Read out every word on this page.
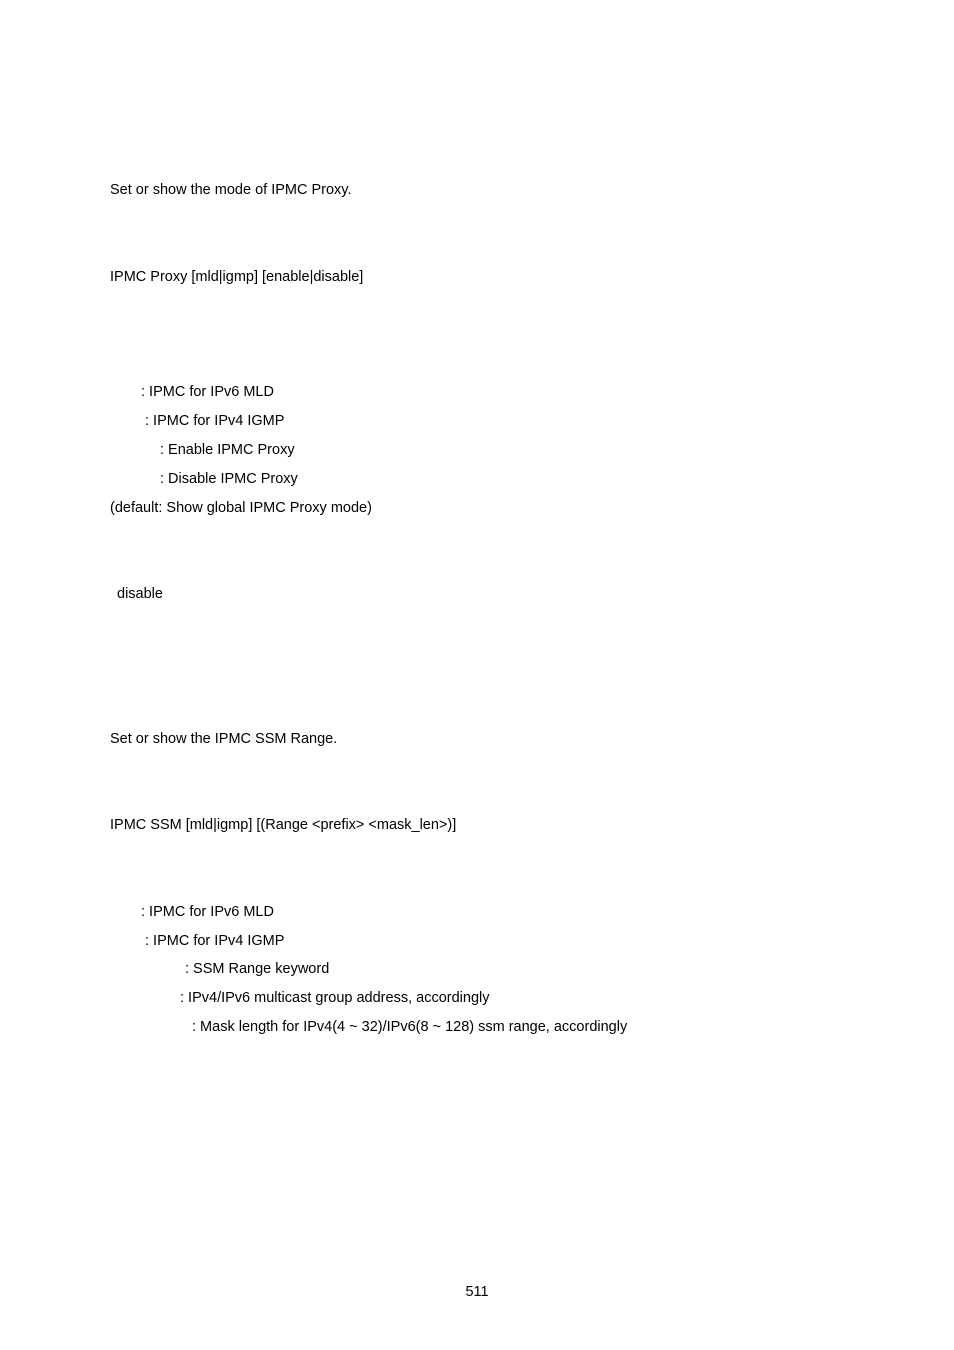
Set or show the mode of IPMC Proxy.
IPMC Proxy [mld|igmp] [enable|disable]
: IPMC for IPv6 MLD
: IPMC for IPv4 IGMP
: Enable IPMC Proxy
: Disable IPMC Proxy
(default: Show global IPMC Proxy mode)
disable
Set or show the IPMC SSM Range.
IPMC SSM [mld|igmp] [(Range <prefix> <mask_len>)]
: IPMC for IPv6 MLD
: IPMC for IPv4 IGMP
: SSM Range keyword
: IPv4/IPv6 multicast group address, accordingly
: Mask length for IPv4(4 ~ 32)/IPv6(8 ~ 128) ssm range, accordingly
511
